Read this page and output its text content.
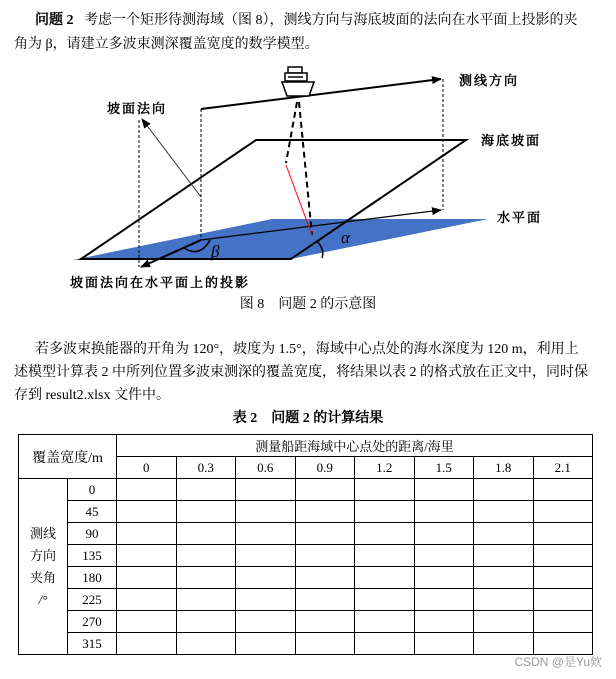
问题 2 考虑一个矩形待测海域（图 8），测线方向与海底坡面的法向在水平面上投影的夹
角为 β，请建立多波束测深覆盖宽度的数学模型。
测线方向
坡面法向
海底坡面
水平面
坡面法向在水平面上的投影
β
α
图 8　问题 2 的示意图
若多波束换能器的开角为 120°，坡度为 1.5°，海域中心点处的海水深度为 120 m，利用上
述模型计算表 2 中所列位置多波束测深的覆盖宽度，将结果以表 2 的格式放在正文中，同时保
存到 result2.xlsx 文件中。
表 2　问题 2 的计算结果
覆盖宽度/m		测量船距海域中心点处的距离/海里							
		0	0.3	0.6	0.9	1.2	1.5	1.8	2.1

测线
方向
夹角
/°	0								
	45								
	90								
	135								
	180								
	225								
	270								
	315								
CSDN @是Yu欸
